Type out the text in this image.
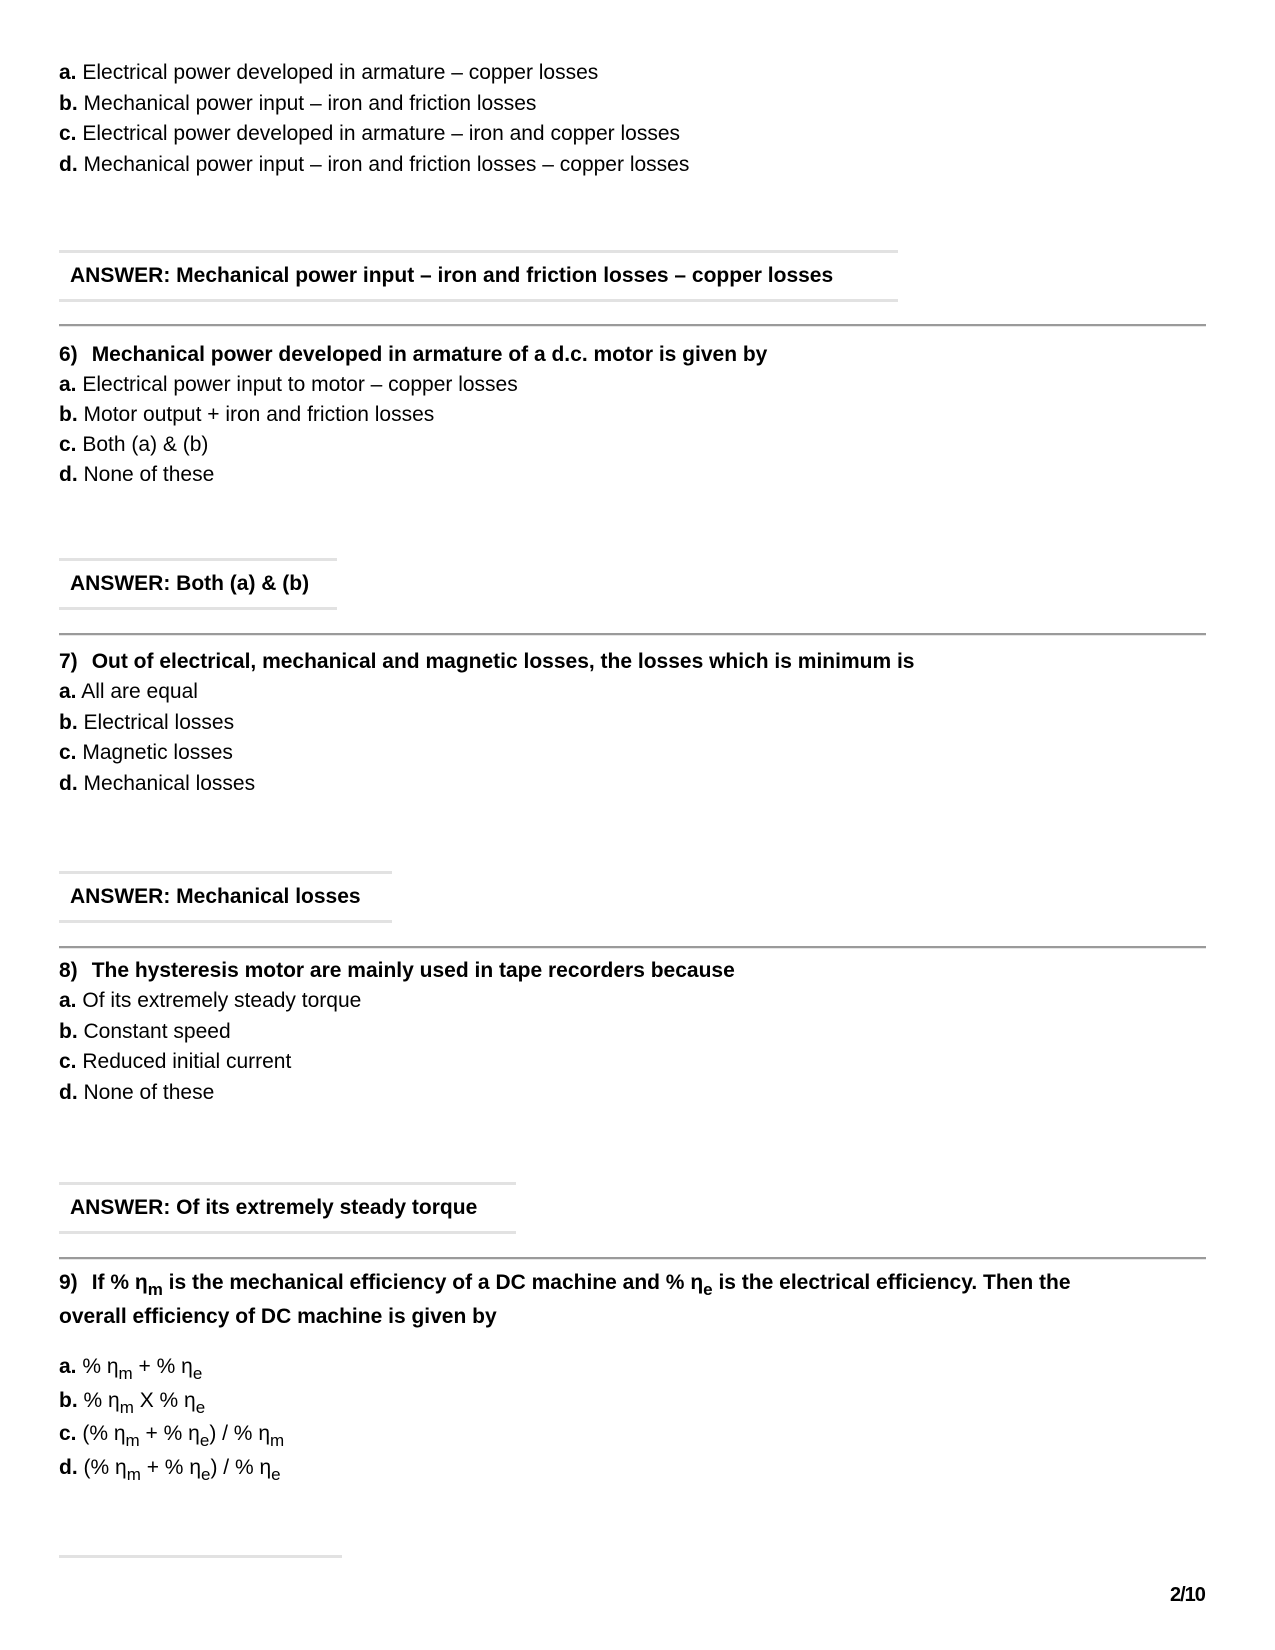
a. Electrical power developed in armature – copper losses
b. Mechanical power input – iron and friction losses
c. Electrical power developed in armature – iron and copper losses
d. Mechanical power input – iron and friction losses – copper losses
ANSWER: Mechanical power input – iron and friction losses – copper losses
6) Mechanical power developed in armature of a d.c. motor is given by
a. Electrical power input to motor – copper losses
b. Motor output + iron and friction losses
c. Both (a) & (b)
d. None of these
ANSWER: Both (a) & (b)
7) Out of electrical, mechanical and magnetic losses, the losses which is minimum is
a. All are equal
b. Electrical losses
c. Magnetic losses
d. Mechanical losses
ANSWER: Mechanical losses
8) The hysteresis motor are mainly used in tape recorders because
a. Of its extremely steady torque
b. Constant speed
c. Reduced initial current
d. None of these
ANSWER: Of its extremely steady torque
9) If % $\eta_m$ is the mechanical efficiency of a DC machine and % $\eta_e$ is the electrical efficiency. Then the
overall efficiency of DC machine is given by
a. % $\eta_m$ + % $\eta_e$
b. % $\eta_m$ X % $\eta_e$
c. (% $\eta_m$ + % $\eta_e$) / % $\eta_m$
d. (% $\eta_m$ + % $\eta_e$) / % $\eta_e$
2/10
